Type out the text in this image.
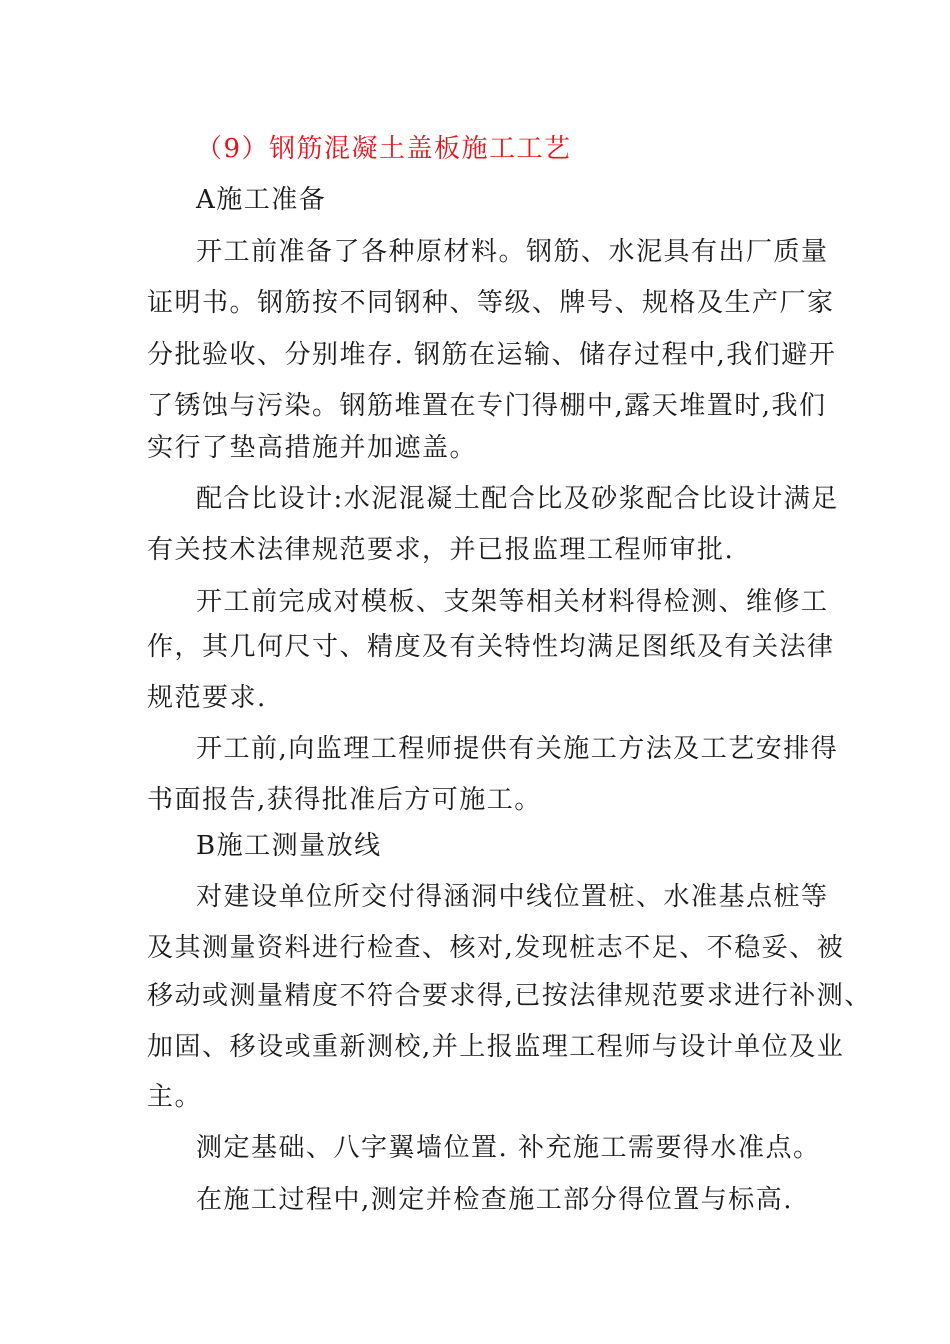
（9）钢筋混凝土盖板施工工艺
A施工准备
开工前准备了各种原材料。钢筋、水泥具有出厂质量
证明书。钢筋按不同钢种、等级、牌号、规格及生产厂家
分批验收、分别堆存. 钢筋在运输、储存过程中,我们避开
了锈蚀与污染。钢筋堆置在专门得棚中,露天堆置时,我们
实行了垫高措施并加遮盖。
配合比设计:水泥混凝土配合比及砂浆配合比设计满足
有关技术法律规范要求，并已报监理工程师审批.
开工前完成对模板、支架等相关材料得检测、维修工
作，其几何尺寸、精度及有关特性均满足图纸及有关法律
规范要求.
开工前,向监理工程师提供有关施工方法及工艺安排得
书面报告,获得批准后方可施工。
B施工测量放线
对建设单位所交付得涵洞中线位置桩、水准基点桩等
及其测量资料进行检查、核对,发现桩志不足、不稳妥、被
移动或测量精度不符合要求得,已按法律规范要求进行补测、
加固、移设或重新测校,并上报监理工程师与设计单位及业
主。
测定基础、八字翼墙位置. 补充施工需要得水准点。
在施工过程中,测定并检查施工部分得位置与标高.
